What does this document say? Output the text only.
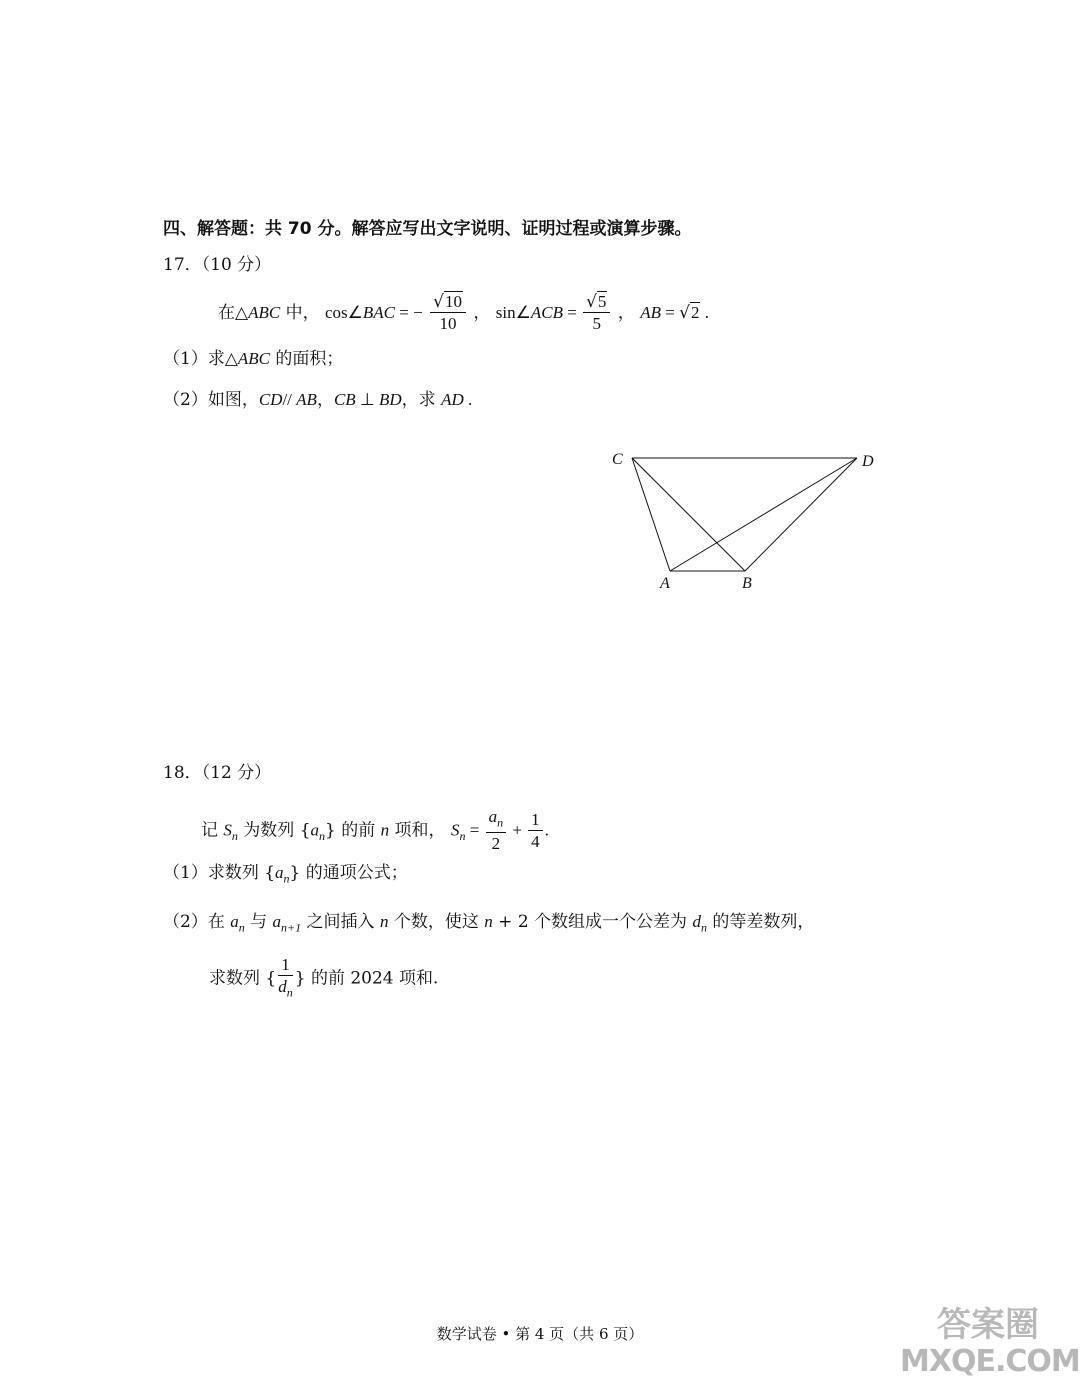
四、解答题：共 70 分。解答应写出文字说明、证明过程或演算步骤。
17．（10 分）
在△ABC 中， cos∠BAC = − $\frac{√10}{10}$ ， sin∠ACB = $\frac{√5}{5}$ ， AB = √2 .
（1）求△ABC 的面积；
（2）如图，CD// AB，CB ⊥ BD，求 AD .
C	D
A	B
18．（12 分）
记 $S_n$ 为数列 $\{a_n\}$ 的前 n 项和， $S_n = \frac{a_n}{2} + \frac{1}{4}$ .
（1）求数列 $\{a_n\}$ 的通项公式；
（2）在 $a_n$ 与 $a_{n+1}$ 之间插入 n 个数，使这 n + 2 个数组成一个公差为 $d_n$ 的等差数列，
求数列 { $\frac{1}{d_n}$ } 的前 2024 项和.
数学试卷 • 第 4 页（共 6 页）	答案圈
MXQE.COM
